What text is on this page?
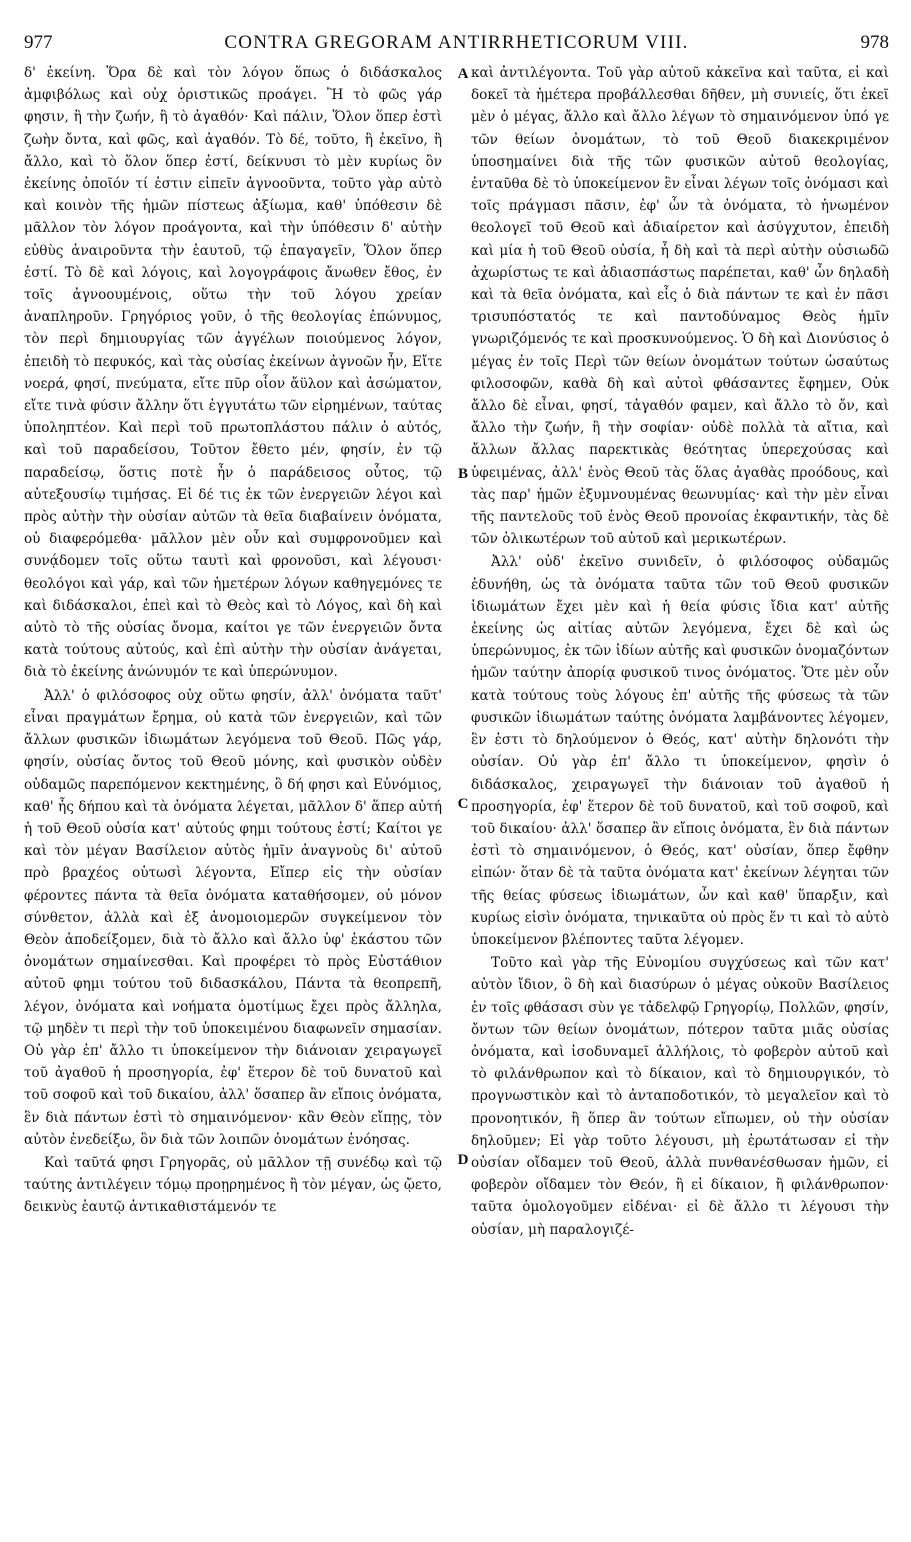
977	CONTRA GREGORAM ANTIRRHETICORUM VIII.	978

δ' ἐκείνη. Ὅρα δὲ καὶ τὸν λόγον ὅπως ὁ διδάσκαλος ἀμφιβόλως καὶ οὐχ ὁριστικῶς προάγει. Ἢ τὸ φῶς γάρ φησιν, ἢ τὴν ζωήν, ἢ τὸ ἀγαθόν· Καὶ πάλιν, Ὅλον ὅπερ ἐστὶ ζωὴν ὄντα, καὶ φῶς, καὶ ἀγαθόν. Τὸ δέ, τοῦτο, ἢ ἐκεῖνο, ἢ ἄλλο, καὶ τὸ ὅλον ὅπερ ἐστί, δείκνυσι τὸ μὲν κυρίως ὂν ἐκείνης ὁποῖόν τί ἐστιν εἰπεῖν ἀγνοοῦντα, τοῦτο γὰρ αὐτὸ καὶ κοινὸν τῆς ἡμῶν πίστεως ἀξίωμα, καθ' ὑπόθεσιν δὲ μᾶλλον τὸν λόγον προάγοντα, καὶ τὴν ὑπόθεσιν δ' αὐτὴν εὐθὺς ἀναιροῦντα τὴν ἑαυτοῦ, τῷ ἐπαγαγεῖν, Ὅλον ὅπερ ἐστί. Τὸ δὲ καὶ λόγοις, καὶ λογογράφοις ἄνωθεν ἔθος, ἐν τοῖς ἀγνοουμένοις, οὕτω τὴν τοῦ λόγου χρείαν ἀναπληροῦν. Γρηγόριος γοῦν, ὁ τῆς θεολογίας ἐπώνυμος, τὸν περὶ δημιουργίας τῶν ἀγγέλων ποιούμενος λόγον, ἐπειδὴ τὸ πεφυκός, καὶ τὰς οὐσίας ἐκείνων ἀγνοῶν ἦν, Εἴτε νοερά, φησί, πνεύματα, εἴτε πῦρ οἷον ἄϋλον καὶ ἀσώματον, εἴτε τινὰ φύσιν ἄλλην ὅτι ἐγγυτάτω τῶν εἰρημένων, ταύτας ὑποληπτέον. Καὶ περὶ τοῦ πρωτοπλάστου πάλιν ὁ αὐτός, καὶ τοῦ παραδείσου, Τοῦτον ἔθετο μέν, φησίν, ἐν τῷ παραδείσῳ, ὅστις ποτὲ ἦν ὁ παράδεισος οὗτος, τῷ αὐτεξουσίῳ τιμήσας. Εἰ δέ τις ἐκ τῶν ἐνεργειῶν λέγοι καὶ πρὸς αὐτὴν τὴν οὐσίαν αὐτῶν τὰ θεῖα διαβαίνειν ὀνόματα, οὐ διαφερόμεθα· μᾶλλον μὲν οὖν καὶ συμφρονοῦμεν καὶ συνᾴδομεν τοῖς οὕτω ταυτὶ καὶ φρονοῦσι, καὶ λέγουσι· θεολόγοι καὶ γάρ, καὶ τῶν ἡμετέρων λόγων καθηγεμόνες τε καὶ διδάσκαλοι, ἐπεὶ καὶ τὸ Θεὸς καὶ τὸ Λόγος, καὶ δὴ καὶ αὐτὸ τὸ τῆς οὐσίας ὄνομα, καίτοι γε τῶν ἐνεργειῶν ὄντα κατὰ τούτους αὐτούς, καὶ ἐπὶ αὐτὴν τὴν οὐσίαν ἀνάγεται, διὰ τὸ ἐκείνης ἀνώνυμόν τε καὶ ὑπερώνυμον.

Ἀλλ' ὁ φιλόσοφος οὐχ οὕτω φησίν, ἀλλ' ὀνόματα ταῦτ' εἶναι πραγμάτων ἔρημα, οὐ κατὰ τῶν ἐνεργειῶν, καὶ τῶν ἄλλων φυσικῶν ἰδιωμάτων λεγόμενα τοῦ Θεοῦ. Πῶς γάρ, φησίν, οὐσίας ὄντος τοῦ Θεοῦ μόνης, καὶ φυσικὸν οὐδὲν οὐδαμῶς παρεπόμενον κεκτημένης, ὃ δή φησι καὶ Εὐνόμιος, καθ' ἧς δήπου καὶ τὰ ὀνόματα λέγεται, μᾶλλον δ' ἅπερ αὐτή ἡ τοῦ Θεοῦ οὐσία κατ' αὐτούς φημι τούτους ἐστί; Καίτοι γε καὶ τὸν μέγαν Βασίλειον αὐτὸς ἡμῖν ἀναγνοὺς δι' αὐτοῦ πρὸ βραχέος οὑτωσὶ λέγοντα, Εἴπερ εἰς τὴν οὐσίαν φέροντες πάντα τὰ θεῖα ὀνόματα καταθήσομεν, οὐ μόνον σύνθετον, ἀλλὰ καὶ ἐξ ἀνομοιομερῶν συγκείμενον τὸν Θεὸν ἀποδείξομεν, διὰ τὸ ἄλλο καὶ ἄλλο ὑφ' ἑκάστου τῶν ὀνομάτων σημαίνεσθαι. Καὶ προφέρει τὸ πρὸς Εὐστάθιον αὐτοῦ φημι τούτου τοῦ διδασκάλου, Πάντα τὰ θεοπρεπῆ, λέγον, ὀνόματα καὶ νοήματα ὁμοτίμως ἔχει πρὸς ἄλληλα, τῷ μηδὲν τι περὶ τὴν τοῦ ὑποκειμένου διαφωνεῖν σημασίαν. Οὐ γὰρ ἐπ' ἄλλο τι ὑποκείμενον τὴν διάνοιαν χειραγωγεῖ τοῦ ἀγαθοῦ ἡ προσηγορία, ἐφ' ἕτερον δὲ τοῦ δυνατοῦ καὶ τοῦ σοφοῦ καὶ τοῦ δικαίου, ἀλλ' ὅσαπερ ἂν εἴποις ὀνόματα, ἓν διὰ πάντων ἐστὶ τὸ σημαινόμενον· κἂν Θεὸν εἴπῃς, τὸν αὐτὸν ἐνεδείξω, ὃν διὰ τῶν λοιπῶν ὀνομάτων ἐνόησας.

Καὶ ταῦτά φησι Γρηγορᾶς, οὐ μᾶλλον τῇ συνέδῳ καὶ τῷ ταύτης ἀντιλέγειν τόμῳ προῃρημένος ἢ τὸν μέγαν, ὡς ᾤετο, δεικνὺς ἑαυτῷ ἀντικαθιστάμενόν τε

A
B
C
D

καὶ ἀντιλέγοντα. Τοῦ γὰρ αὐτοῦ κἀκεῖνα καὶ ταῦτα, εἰ καὶ δοκεῖ τὰ ἡμέτερα προβάλλεσθαι δῆθεν, μὴ συνιείς, ὅτι ἐκεῖ μὲν ὁ μέγας, ἄλλο καὶ ἄλλο λέγων τὸ σημαινόμενον ὑπό γε τῶν θείων ὀνομάτων, τὸ τοῦ Θεοῦ διακεκριμένον ὑποσημαίνει διὰ τῆς τῶν φυσικῶν αὐτοῦ θεολογίας, ἐνταῦθα δὲ τὸ ὑποκείμενον ἓν εἶναι λέγων τοῖς ὀνόμασι καὶ τοῖς πράγμασι πᾶσιν, ἐφ' ὧν τὰ ὀνόματα, τὸ ἡνωμένον θεολογεῖ τοῦ Θεοῦ καὶ ἀδιαίρετον καὶ ἀσύγχυτον, ἐπειδὴ καὶ μία ἡ τοῦ Θεοῦ οὐσία, ἧ δὴ καὶ τὰ περὶ αὐτὴν οὐσιωδῶ ἀχωρίστως τε καὶ ἀδιασπάστως παρέπεται, καθ' ὧν δηλαδὴ καὶ τὰ θεῖα ὀνόματα, καὶ εἷς ὁ διὰ πάντων τε καὶ ἐν πᾶσι τρισυπόστατός τε καὶ παντοδύναμος Θεὸς ἡμῖν γνωριζόμενός τε καὶ προσκυνούμενος. Ὁ δὴ καὶ Διονύσιος ὁ μέγας ἐν τοῖς Περὶ τῶν θείων ὀνομάτων τούτων ὡσαύτως φιλοσοφῶν, καθὰ δὴ καὶ αὐτοὶ φθάσαντες ἔφημεν, Οὐκ ἄλλο δὲ εἶναι, φησί, τἀγαθόν φαμεν, καὶ ἄλλο τὸ ὄν, καὶ ἄλλο τὴν ζωήν, ἢ τὴν σοφίαν· οὐδὲ πολλὰ τὰ αἴτια, καὶ ἄλλων ἄλλας παρεκτικὰς θεότητας ὑπερεχούσας καὶ ὑφειμένας, ἀλλ' ἑνὸς Θεοῦ τὰς ὅλας ἀγαθὰς προόδους, καὶ τὰς παρ' ἡμῶν ἐξυμνουμένας θεωνυμίας· καὶ τὴν μὲν εἶναι τῆς παντελοῦς τοῦ ἑνὸς Θεοῦ προνοίας ἐκφαντικήν, τὰς δὲ τῶν ὁλικωτέρων τοῦ αὐτοῦ καὶ μερικωτέρων.

Ἀλλ' οὐδ' ἐκεῖνο συνιδεῖν, ὁ φιλόσοφος οὐδαμῶς ἐδυνήθη, ὡς τὰ ὀνόματα ταῦτα τῶν τοῦ Θεοῦ φυσικῶν ἰδιωμάτων ἔχει μὲν καὶ ἡ θεία φύσις ἴδια κατ' αὐτῆς ἐκείνης ὡς αἰτίας αὐτῶν λεγόμενα, ἔχει δὲ καὶ ὡς ὑπερώνυμος, ἐκ τῶν ἰδίων αὐτῆς καὶ φυσικῶν ὀνομαζόντων ἡμῶν ταύτην ἀπορίᾳ φυσικοῦ τινος ὀνόματος. Ὅτε μὲν οὖν κατὰ τούτους τοὺς λόγους ἐπ' αὐτῆς τῆς φύσεως τὰ τῶν φυσικῶν ἰδιωμάτων ταύτης ὀνόματα λαμβάνοντες λέγομεν, ἓν ἐστι τὸ δηλούμενον ὁ Θεός, κατ' αὐτὴν δηλονότι τὴν οὐσίαν. Οὐ γὰρ ἐπ' ἄλλο τι ὑποκείμενον, φησὶν ὁ διδάσκαλος, χειραγωγεῖ τὴν διάνοιαν τοῦ ἀγαθοῦ ἡ προσηγορία, ἐφ' ἕτερον δὲ τοῦ δυνατοῦ, καὶ τοῦ σοφοῦ, καὶ τοῦ δικαίου· ἀλλ' ὅσαπερ ἂν εἴποις ὀνόματα, ἓν διὰ πάντων ἐστὶ τὸ σημαινόμενον, ὁ Θεός, κατ' οὐσίαν, ὅπερ ἔφθην εἰπών· ὅταν δὲ τὰ ταῦτα ὀνόματα κατ' ἐκείνων λέγηται τῶν τῆς θείας φύσεως ἰδιωμάτων, ὧν καὶ καθ' ὕπαρξιν, καὶ κυρίως εἰσὶν ὀνόματα, τηνικαῦτα οὐ πρὸς ἕν τι καὶ τὸ αὐτὸ ὑποκείμενον βλέποντες ταῦτα λέγομεν.

Τοῦτο καὶ γὰρ τῆς Εὐνομίου συγχύσεως καὶ τῶν κατ' αὐτὸν ἴδιον, ὃ δὴ καὶ διασύρων ὁ μέγας οὐκοῦν Βασίλειος ἐν τοῖς φθάσασι σὺν γε τἀδελφῷ Γρηγορίῳ, Πολλῶν, φησίν, ὄντων τῶν θείων ὀνομάτων, πότερον ταῦτα μιᾶς οὐσίας ὀνόματα, καὶ ἰσοδυναμεῖ ἀλλήλοις, τὸ φοβερὸν αὐτοῦ καὶ τὸ φιλάνθρωπον καὶ τὸ δίκαιον, καὶ τὸ δημιουργικόν, τὸ προγνωστικὸν καὶ τὸ ἀνταποδοτικόν, τὸ μεγαλεῖον καὶ τὸ προνοητικόν, ἢ ὅπερ ἂν τούτων εἴπωμεν, οὐ τὴν οὐσίαν δηλοῦμεν; Εἰ γὰρ τοῦτο λέγουσι, μὴ ἐρωτάτωσαν εἰ τὴν οὐσίαν οἴδαμεν τοῦ Θεοῦ, ἀλλὰ πυνθανέσθωσαν ἡμῶν, εἰ φοβερὸν οἴδαμεν τὸν Θεόν, ἢ εἰ δίκαιον, ἢ φιλάνθρωπον· ταῦτα ὁμολογοῦμεν εἰδέναι· εἰ δὲ ἄλλο τι λέγουσι τὴν οὐσίαν, μὴ παραλογιζέ-
